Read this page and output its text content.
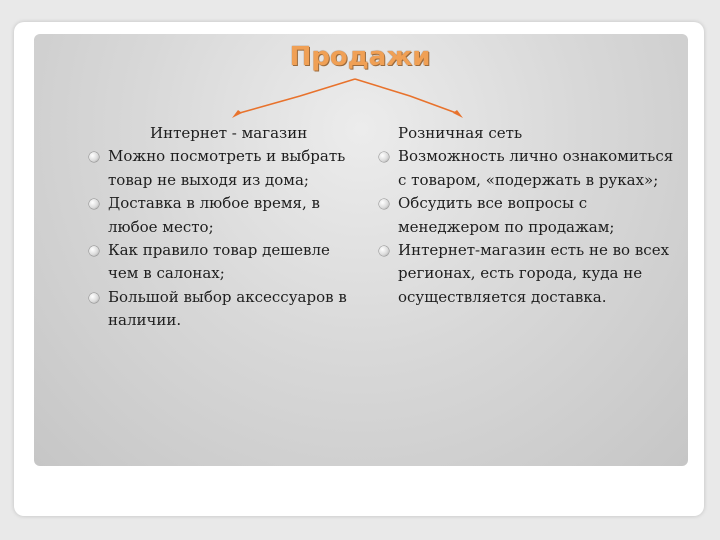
Продажи
Интернет - магазин
Можно посмотреть и выбрать товар не выходя из дома;
Доставка в любое время, в любое место;
Как правило товар дешевле чем в салонах;
Большой выбор аксессуаров в наличии.
Розничная сеть
Возможность лично ознакомиться с товаром, «подержать в руках»;
Обсудить все вопросы с менеджером по продажам;
Интернет-магазин есть не во всех регионах, есть города, куда не осуществляется доставка.
